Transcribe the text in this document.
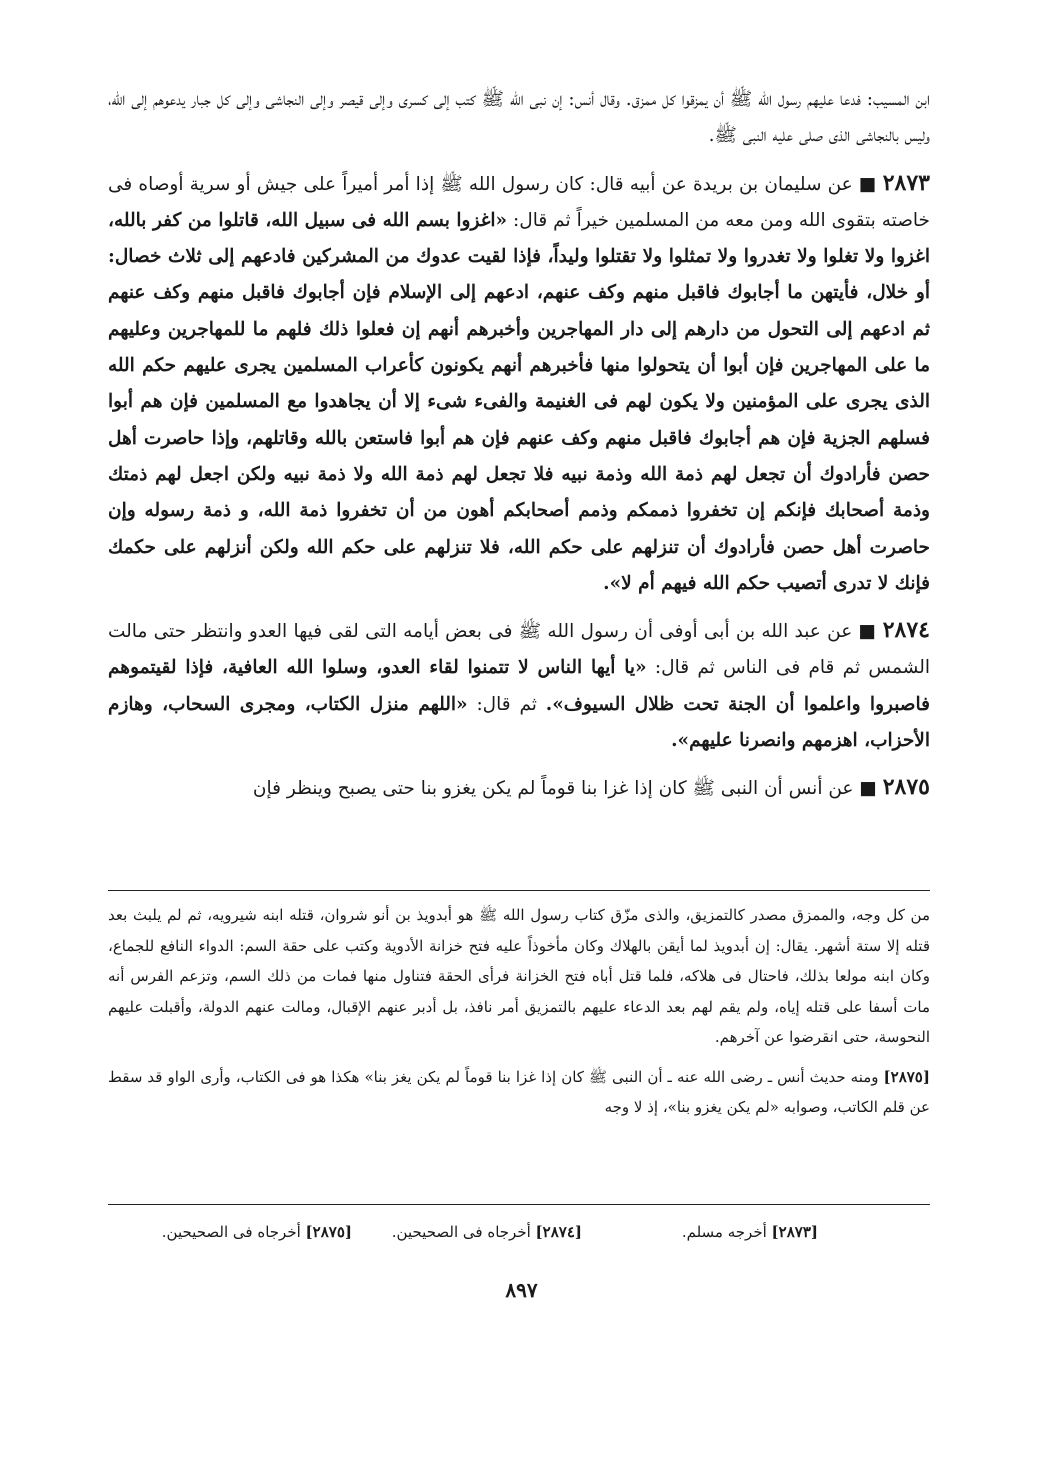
ابن المسيب: فدعا عليهم رسول الله ﷺ أن يمزقوا كل ممزق. وقال أنس: إن نبى الله ﷺ كتب إلى كسرى وإلى قيصر وإلى النجاشى وإلى كل جبار يدعوهم إلى الله، وليس بالنجاشى الذى صلى عليه النبى ﷺ.

٢٨٧٣ ■ عن سليمان بن بريدة عن أبيه قال: كان رسول الله ﷺ إذا أمر أميراً على جيش أو سرية أوصاه فى خاصته بتقوى الله ومن معه من المسلمين خيراً ثم قال: «اغزوا بسم الله فى سبيل الله، قاتلوا من كفر بالله، اغزوا ولا تغلوا ولا تغدروا ولا تمثلوا ولا تقتلوا وليداً، فإذا لقيت عدوك من المشركين فادعهم إلى ثلاث خصال: أو خلال، فأيتهن ما أجابوك فاقبل منهم وكف عنهم، ادعهم إلى الإسلام فإن أجابوك فاقبل منهم وكف عنهم ثم ادعهم إلى التحول من دارهم إلى دار المهاجرين وأخبرهم أنهم إن فعلوا ذلك فلهم ما للمهاجرين وعليهم ما على المهاجرين فإن أبوا أن يتحولوا منها فأخبرهم أنهم يكونون كأعراب المسلمين يجرى عليهم حكم الله الذى يجرى على المؤمنين ولا يكون لهم فى الغنيمة والفىء شىء إلا أن يجاهدوا مع المسلمين فإن هم أبوا فسلهم الجزية فإن هم أجابوك فاقبل منهم وكف عنهم فإن هم أبوا فاستعن بالله وقاتلهم، وإذا حاصرت أهل حصن فأرادوك أن تجعل لهم ذمة الله وذمة نبيه فلا تجعل لهم ذمة الله ولا ذمة نبيه ولكن اجعل لهم ذمتك وذمة أصحابك فإنكم إن تخفروا ذممكم وذمم أصحابكم أهون من أن تخفروا ذمة الله، و ذمة رسوله وإن حاصرت أهل حصن فأرادوك أن تنزلهم على حكم الله، فلا تنزلهم على حكم الله ولكن أنزلهم على حكمك فإنك لا تدرى أتصيب حكم الله فيهم أم لا».

٢٨٧٤ ■ عن عبد الله بن أبى أوفى أن رسول الله ﷺ فى بعض أيامه التى لقى فيها العدو وانتظر حتى مالت الشمس ثم قام فى الناس ثم قال: «يا أيها الناس لا تتمنوا لقاء العدو، وسلوا الله العافية، فإذا لقيتموهم فاصبروا واعلموا أن الجنة تحت ظلال السيوف». ثم قال: «اللهم منزل الكتاب، ومجرى السحاب، وهازم الأحزاب، اهزمهم وانصرنا عليهم».

٢٨٧٥ ■ عن أنس أن النبى ﷺ كان إذا غزا بنا قوماً لم يكن يغزو بنا حتى يصبح وينظر فإن

من كل وجه، والممزق مصدر كالتمزيق، والذى مزّق كتاب رسول الله ﷺ هو أبدويذ بن أنو شروان، قتله ابنه شيرويه، ثم لم يلبث بعد قتله إلا ستة أشهر. يقال: إن أبدويذ لما أيقن بالهلاك وكان مأخوذاً عليه فتح خزانة الأدوية وكتب على حقة السم: الدواء النافع للجماع، وكان ابنه مولعا بذلك، فاحتال فى هلاكه، فلما قتل أباه فتح الخزانة فرأى الحقة فتناول منها فمات من ذلك السم، وتزعم الفرس أنه مات أسفا على قتله إياه، ولم يقم لهم بعد الدعاء عليهم بالتمزيق أمر نافذ، بل أدبر عنهم الإقبال، ومالت عنهم الدولة، وأقبلت عليهم النحوسة، حتى انقرضوا عن آخرهم.

[٢٨٧٥] ومنه حديث أنس ـ رضى الله عنه ـ أن النبى ﷺ كان إذا غزا بنا قوماً لم يكن يغز بنا» هكذا هو فى الكتاب، وأرى الواو قد سقط عن قلم الكاتب، وصوابه «لم يكن يغزو بنا»، إذ لا وجه

[٢٨٧٣] أخرجه مسلم.
[٢٨٧٤] أخرجاه فى الصحيحين.
[٢٨٧٥] أخرجاه فى الصحيحين.
٨٩٧
